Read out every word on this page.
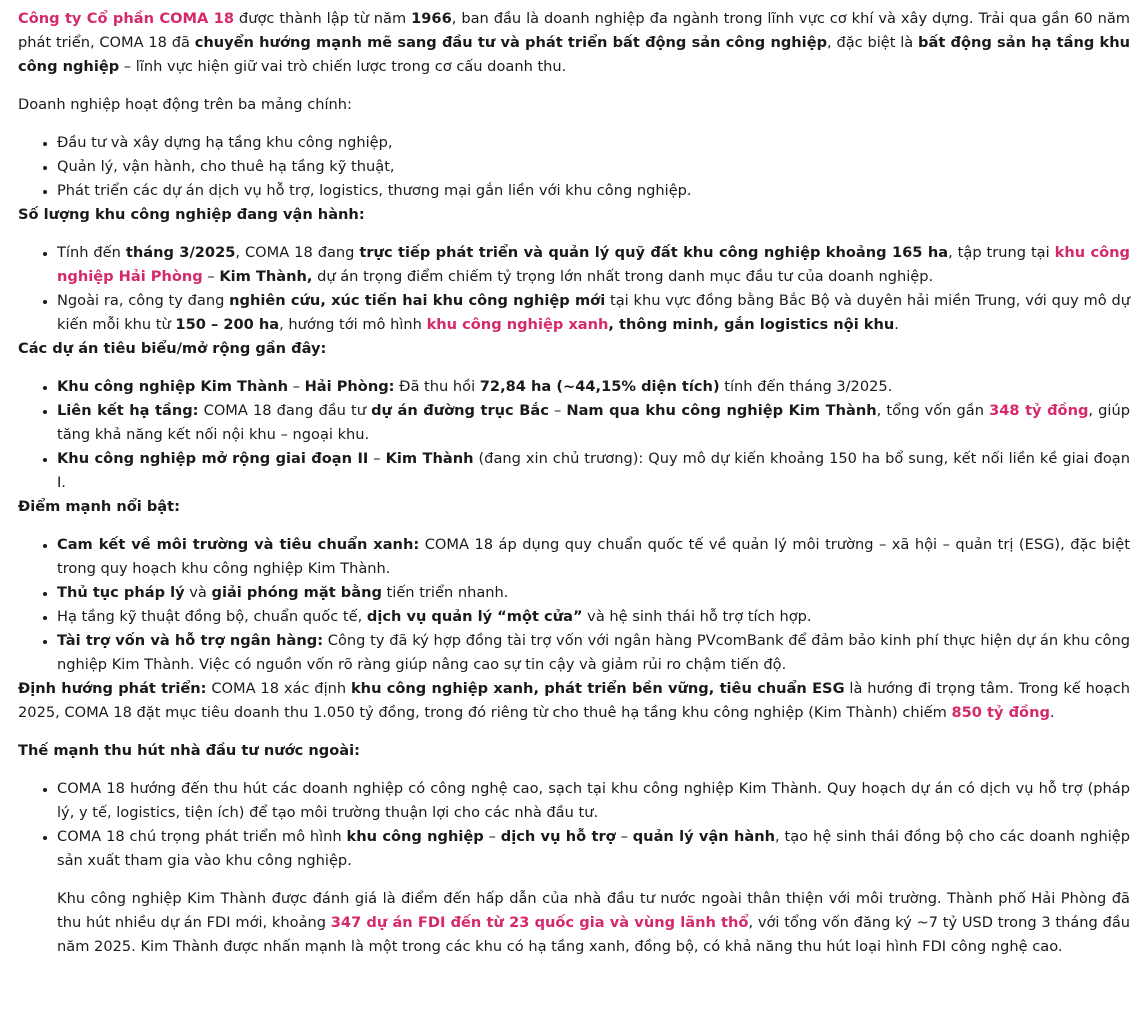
Công ty Cổ phần COMA 18 được thành lập từ năm 1966, ban đầu là doanh nghiệp đa ngành trong lĩnh vực cơ khí và xây dựng. Trải qua gần 60 năm phát triển, COMA 18 đã chuyển hướng mạnh mẽ sang đầu tư và phát triển bất động sản công nghiệp, đặc biệt là bất động sản hạ tầng khu công nghiệp – lĩnh vực hiện giữ vai trò chiến lược trong cơ cấu doanh thu.

Doanh nghiệp hoạt động trên ba mảng chính:

• Đầu tư và xây dựng hạ tầng khu công nghiệp,
• Quản lý, vận hành, cho thuê hạ tầng kỹ thuật,
• Phát triển các dự án dịch vụ hỗ trợ, logistics, thương mại gắn liền với khu công nghiệp.

Số lượng khu công nghiệp đang vận hành:

• Tính đến tháng 3/2025, COMA 18 đang trực tiếp phát triển và quản lý quỹ đất khu công nghiệp khoảng 165 ha, tập trung tại khu công nghiệp Hải Phòng – Kim Thành, dự án trọng điểm chiếm tỷ trọng lớn nhất trong danh mục đầu tư của doanh nghiệp.
• Ngoài ra, công ty đang nghiên cứu, xúc tiến hai khu công nghiệp mới tại khu vực đồng bằng Bắc Bộ và duyên hải miền Trung, với quy mô dự kiến mỗi khu từ 150 – 200 ha, hướng tới mô hình khu công nghiệp xanh, thông minh, gắn logistics nội khu.

Các dự án tiêu biểu/mở rộng gần đây:

• Khu công nghiệp Kim Thành – Hải Phòng: Đã thu hồi 72,84 ha (~44,15% diện tích) tính đến tháng 3/2025.
• Liên kết hạ tầng: COMA 18 đang đầu tư dự án đường trục Bắc – Nam qua khu công nghiệp Kim Thành, tổng vốn gần 348 tỷ đồng, giúp tăng khả năng kết nối nội khu – ngoại khu.
• Khu công nghiệp mở rộng giai đoạn II – Kim Thành (đang xin chủ trương): Quy mô dự kiến khoảng 150 ha bổ sung, kết nối liền kề giai đoạn I.

Điểm mạnh nổi bật:

• Cam kết về môi trường và tiêu chuẩn xanh: COMA 18 áp dụng quy chuẩn quốc tế về quản lý môi trường – xã hội – quản trị (ESG), đặc biệt trong quy hoạch khu công nghiệp Kim Thành.
• Thủ tục pháp lý và giải phóng mặt bằng tiến triển nhanh.
• Hạ tầng kỹ thuật đồng bộ, chuẩn quốc tế, dịch vụ quản lý “một cửa” và hệ sinh thái hỗ trợ tích hợp.
• Tài trợ vốn và hỗ trợ ngân hàng: Công ty đã ký hợp đồng tài trợ vốn với ngân hàng PVcomBank để đảm bảo kinh phí thực hiện dự án khu công nghiệp Kim Thành. Việc có nguồn vốn rõ ràng giúp nâng cao sự tin cậy và giảm rủi ro chậm tiến độ.

Định hướng phát triển: COMA 18 xác định khu công nghiệp xanh, phát triển bền vững, tiêu chuẩn ESG là hướng đi trọng tâm. Trong kế hoạch 2025, COMA 18 đặt mục tiêu doanh thu 1.050 tỷ đồng, trong đó riêng từ cho thuê hạ tầng khu công nghiệp (Kim Thành) chiếm 850 tỷ đồng.

Thế mạnh thu hút nhà đầu tư nước ngoài:

• COMA 18 hướng đến thu hút các doanh nghiệp có công nghệ cao, sạch tại khu công nghiệp Kim Thành. Quy hoạch dự án có dịch vụ hỗ trợ (pháp lý, y tế, logistics, tiện ích) để tạo môi trường thuận lợi cho các nhà đầu tư.
• COMA 18 chú trọng phát triển mô hình khu công nghiệp – dịch vụ hỗ trợ – quản lý vận hành, tạo hệ sinh thái đồng bộ cho các doanh nghiệp sản xuất tham gia vào khu công nghiệp.

Khu công nghiệp Kim Thành được đánh giá là điểm đến hấp dẫn của nhà đầu tư nước ngoài thân thiện với môi trường. Thành phố Hải Phòng đã thu hút nhiều dự án FDI mới, khoảng 347 dự án FDI đến từ 23 quốc gia và vùng lãnh thổ, với tổng vốn đăng ký ~7 tỷ USD trong 3 tháng đầu năm 2025. Kim Thành được nhấn mạnh là một trong các khu có hạ tầng xanh, đồng bộ, có khả năng thu hút loại hình FDI công nghệ cao.
